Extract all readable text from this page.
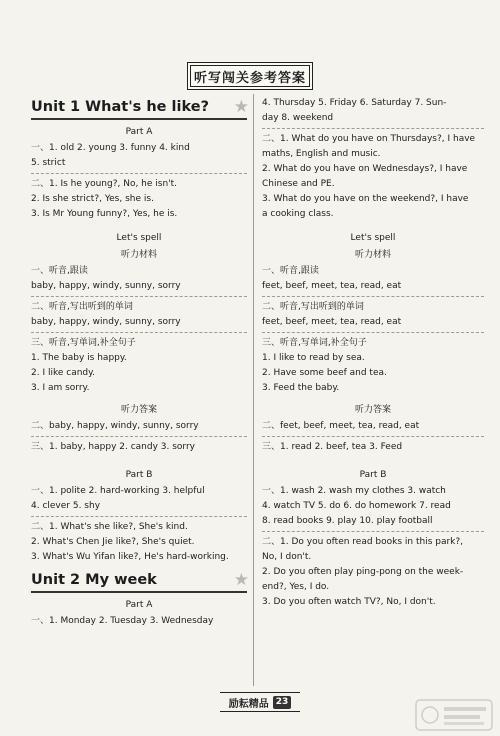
听写闯关参考答案
Unit 1 What's he like? ★
Part A
一、1. old 2. young 3. funny 4. kind
5. strict
二、1. Is he young?, No, he isn't.
2. Is she strict?, Yes, she is.
3. Is Mr Young funny?, Yes, he is.
Let's spell
听力材料
一、听音,跟读
baby, happy, windy, sunny, sorry
二、听音,写出听到的单词
baby, happy, windy, sunny, sorry
三、听音,写单词,补全句子
1. The baby is happy.
2. I like candy.
3. I am sorry.
听力答案
二、baby, happy, windy, sunny, sorry
三、1. baby, happy 2. candy 3. sorry
Part B
一、1. polite 2. hard-working 3. helpful
4. clever 5. shy
二、1. What's she like?, She's kind.
2. What's Chen Jie like?, She's quiet.
3. What's Wu Yifan like?, He's hard-working.
Unit 2 My week	★
Part A
一、1. Monday 2. Tuesday 3. Wednesday
4. Thursday 5. Friday 6. Saturday 7. Sun-
day 8. weekend
二、1. What do you have on Thursdays?, I have
maths, English and music.
2. What do you have on Wednesdays?, I have
Chinese and PE.
3. What do you have on the weekend?, I have
a cooking class.
Let's spell
听力材料
一、听音,跟读
feet, beef, meet, tea, read, eat
二、听音,写出听到的单词
feet, beef, meet, tea, read, eat
三、听音,写单词,补全句子
1. I like to read by sea.
2. Have some beef and tea.
3. Feed the baby.
听力答案
二、feet, beef, meet, tea, read, eat
三、1. read 2. beef, tea 3. Feed
Part B
一、1. wash 2. wash my clothes 3. watch
4. watch TV 5. do 6. do homework 7. read
8. read books 9. play 10. play football
二、1. Do you often read books in this park?,
No, I don't.
2. Do you often play ping-pong on the week-
end?, Yes, I do.
3. Do you often watch TV?, No, I don't.
励耘精品 23
